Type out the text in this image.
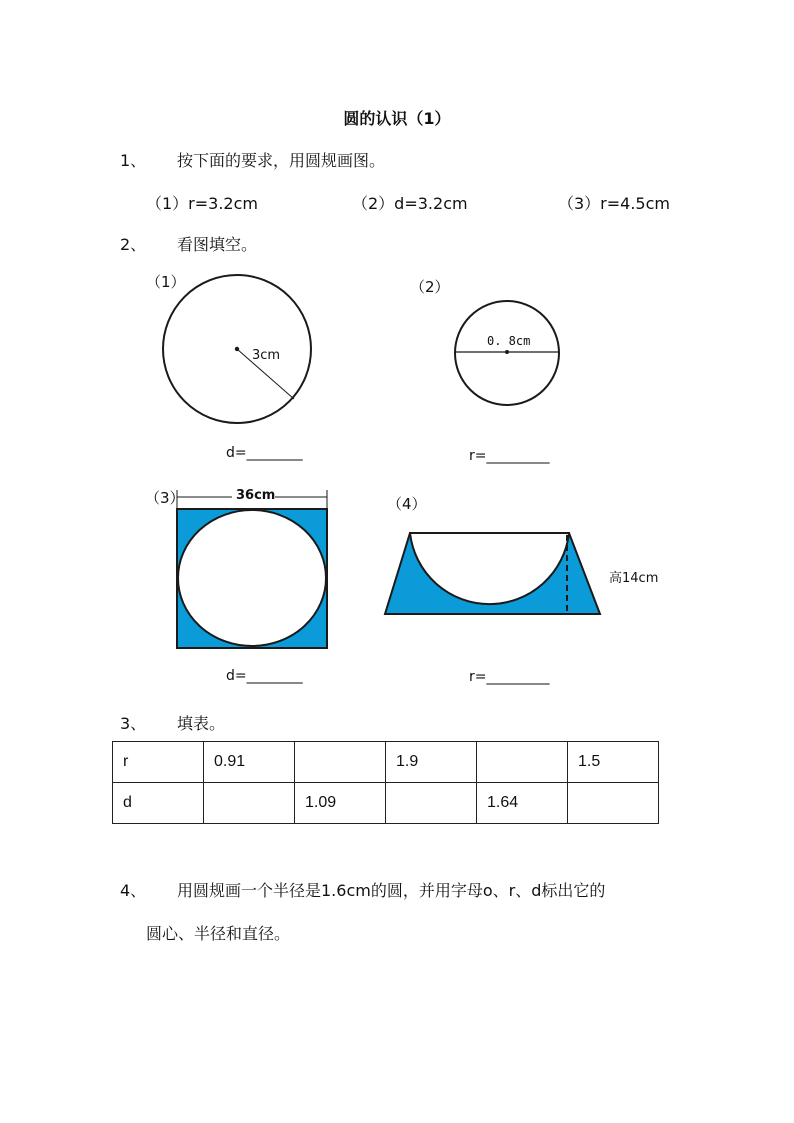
圆的认识（1）
1、 按下面的要求，用圆规画图。
（1）r=3.2cm	（2）d=3.2cm	（3）r=4.5cm
2、 看图填空。
（1）
3cm
d=________
（2）
0. 8cm
r=_________
（3）	36cm
d=________
（4）
高14cm
r=_________
3、 填表。
r	0.91		1.9		1.5
d		1.09		1.64	
4、 用圆规画一个半径是1.6cm的圆，并用字母o、r、d标出它的
圆心、半径和直径。
